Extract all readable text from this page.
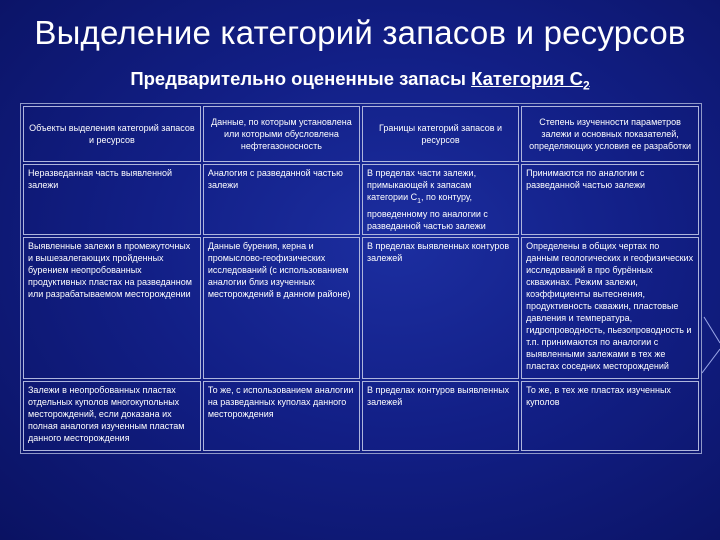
Выделение категорий запасов и ресурсов
Предварительно оцененные запасы Категория $С_2$
Объекты выделения категорий запасов и ресурсов	Данные, по которым установлена или которыми обусловлена нефтегазоносность	Границы категорий запасов и ресурсов	Степень изученности параметров залежи и основных показателей, определяющих условия ее разработки
Неразведанная часть выявленной залежи	Аналогия с разведанной частью залежи	В пределах части залежи, примыкающей к запасам категории $С_1$, по контуру, проведенному по аналогии с разведанной частью залежи	Принимаются по аналогии с разведанной частью залежи
Выявленные залежи в промежуточных и вышезалегающих пройденных бурением неопробованных продуктивных пластах на разведанном или разрабатываемом месторождении	Данные бурения, керна и промыслово-геофизических исследований (с использованием аналогии близ изученных месторождений в данном районе)	В пределах выявленных контуров залежей	Определены в общих чертах по данным геологических и геофизических исследований в про бурённых скважинах. Режим залежи, коэффициенты вытеснения, продуктивность скважин, пластовые давления и температура, гидропроводность, пьезопроводность и т.п. принимаются по аналогии с выявленными залежами в тех же пластах соседних месторождений
Залежи в неопробованных пластах отдельных куполов многокупольных месторождений, если доказана их полная аналогия изученным пластам данного месторождения	То же, с использованием аналогии на разведанных куполах данного месторождения	В пределах контуров выявленных залежей	То же, в тех же пластах изученных куполов
